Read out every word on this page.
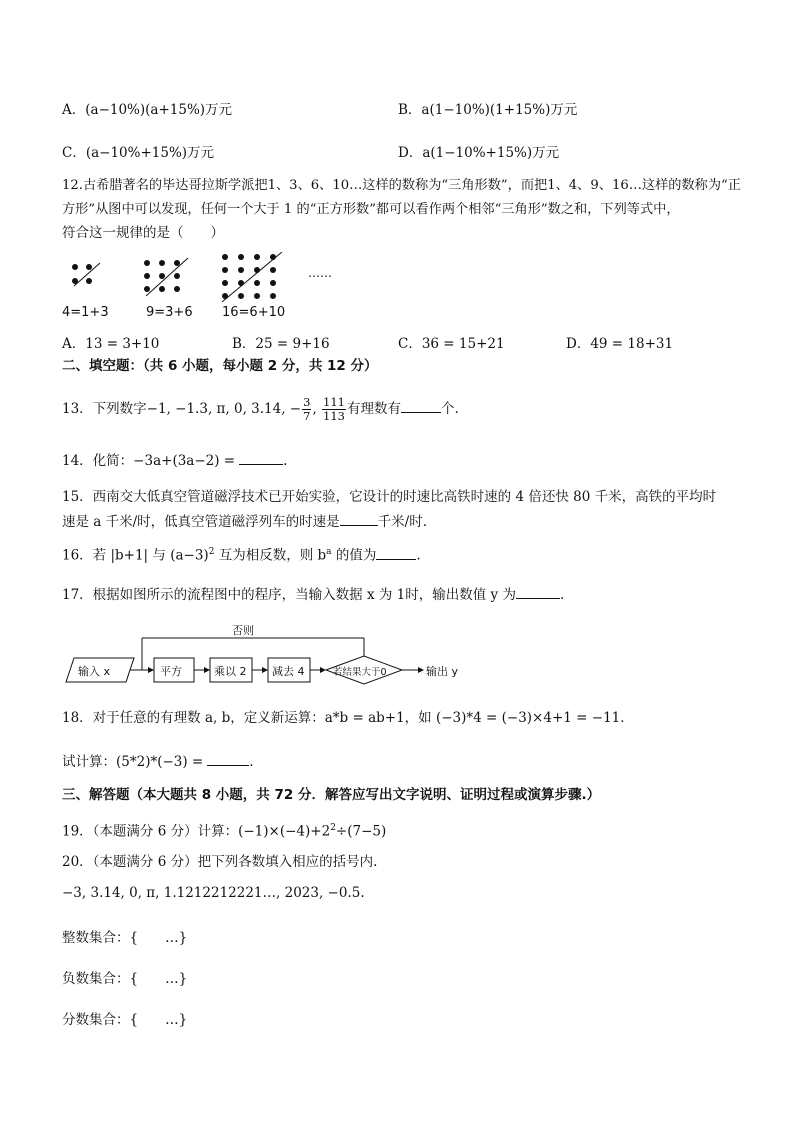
A．(a−10%)(a+15%)万元	B．a(1−10%)(1+15%)万元
C．(a−10%+15%)万元	D．a(1−10%+15%)万元
12.古希腊著名的毕达哥拉斯学派把1、3、6、10…这样的数称为“三角形数”，而把1、4、9、16…这样的数称为“正
方形”从图中可以发现，任何一个大于 1 的“正方形数”都可以看作两个相邻“三角形”数之和，下列等式中，
符合这一规律的是（　　）
……
4=1+3	9=3+6 16=6+10
A．13 = 3+10	B．25 = 9+16	C．36 = 15+21	D．49 = 18+31
二、填空题：（共 6 小题，每小题 2 分，共 12 分）
13．下列数字−1, −1.3, π, 0, 3.14, − $\frac{3}{7}$ , $\frac{111}{113}$ 有理数有	个.
14．化简：−3a+(3a−2) =	.
15．西南交大低真空管道磁浮技术已开始实验，它设计的时速比高铁时速的 4 倍还快 80 千米，高铁的平均时
速是 a 千米/时，低真空管道磁浮列车的时速是	千米/时.
16．若 |b+1| 与 $(a-3)^2$ 互为相反数，则 $b^a$ 的值为	.
17．根据如图所示的流程图中的程序，当输入数据 x 为 1时，输出数值 y 为	.
输入 x	平方	乘以 2 减去 4	若结果大于0	输出 y
否则
18．对于任意的有理数 a, b，定义新运算：a*b = ab+1，如 (−3)*4 = (−3)×4+1 = −11．
试计算：(5*2)*(−3) =	.
三、解答题（本大题共 8 小题，共 72 分．解答应写出文字说明、证明过程或演算步骤.）
19．（本题满分 6 分）计算：$(-1)\times(-4)+2^2\div(7-5)$
20．（本题满分 6 分）把下列各数填入相应的括号内.
−3, 3.14, 0, π, 1.1212212221…, 2023, −0.5.
整数集合：{　　…}
负数集合：{　　…}
分数集合：{　　…}
